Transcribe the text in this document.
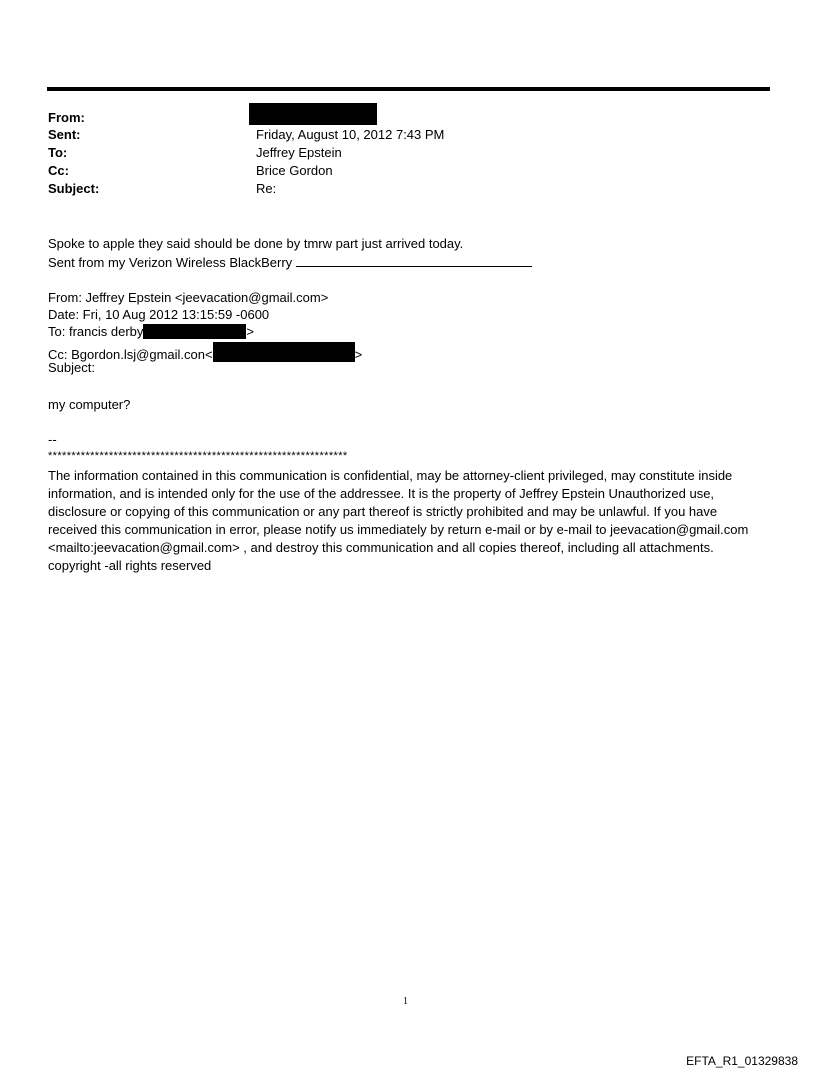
From:
Sent:	Friday, August 10, 2012 7:43 PM
To:	Jeffrey Epstein
Cc:	Brice Gordon
Subject:	Re:
Spoke to apple they said should be done by tmrw part just arrived today.
Sent from my Verizon Wireless BlackBerry
From: Jeffrey Epstein <jeevacation@gmail.com>
Date: Fri, 10 Aug 2012 13:15:59 -0600
To: francis derby	>
Cc: Bgordon.lsj@gmail.con<	>
Subject:
my computer?
--
****************************************************************
The information contained in this communication is confidential, may be attorney-client privileged, may constitute inside information, and is intended only for the use of the addressee. It is the property of Jeffrey Epstein Unauthorized use, disclosure or copying of this communication or any part thereof is strictly prohibited and may be unlawful. If you have received this communication in error, please notify us immediately by return e-mail or by e-mail to jeevacation@gmail.com <mailto:jeevacation@gmail.com> , and destroy this communication and all copies thereof, including all attachments. copyright -all rights reserved
1
EFTA_R1_01329838
